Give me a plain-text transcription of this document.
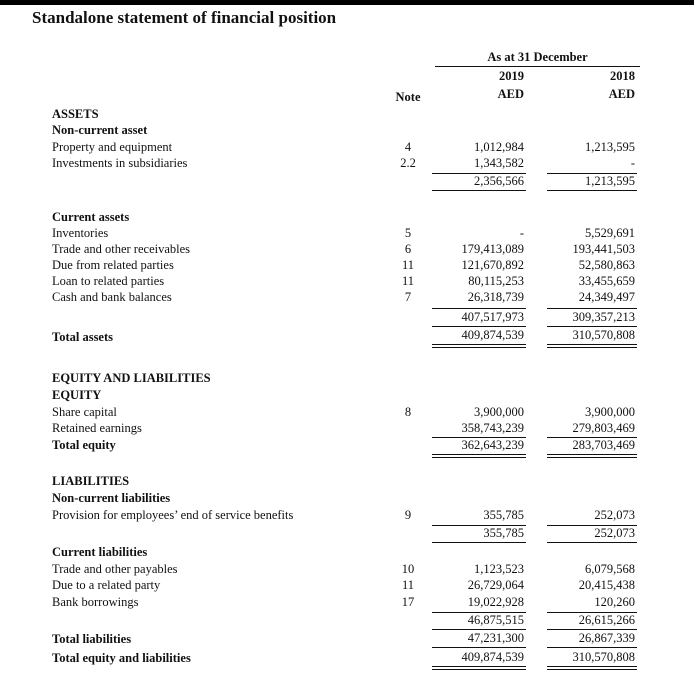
Standalone statement of financial position
As at 31 December
2019	2018
Note	AED	AED
ASSETS
Non-current asset
Property and equipment	4	1,012,984	1,213,595
Investments in subsidiaries	2.2	1,343,582	-
2,356,566	1,213,595
Current assets
Inventories	5	-	5,529,691
Trade and other receivables	6	179,413,089	193,441,503
Due from related parties	11	121,670,892	52,580,863
Loan to related parties	11	80,115,253	33,455,659
Cash and bank balances	7	26,318,739	24,349,497
407,517,973	309,357,213
Total assets	409,874,539	310,570,808
EQUITY AND LIABILITIES
EQUITY
Share capital	8	3,900,000	3,900,000
Retained earnings	358,743,239	279,803,469
Total equity	362,643,239	283,703,469
LIABILITIES
Non-current liabilities
Provision for employees’ end of service benefits	9	355,785	252,073
355,785	252,073
Current liabilities
Trade and other payables	10	1,123,523	6,079,568
Due to a related party	11	26,729,064	20,415,438
Bank borrowings	17	19,022,928	120,260
46,875,515	26,615,266
Total liabilities	47,231,300	26,867,339
Total equity and liabilities	409,874,539	310,570,808
